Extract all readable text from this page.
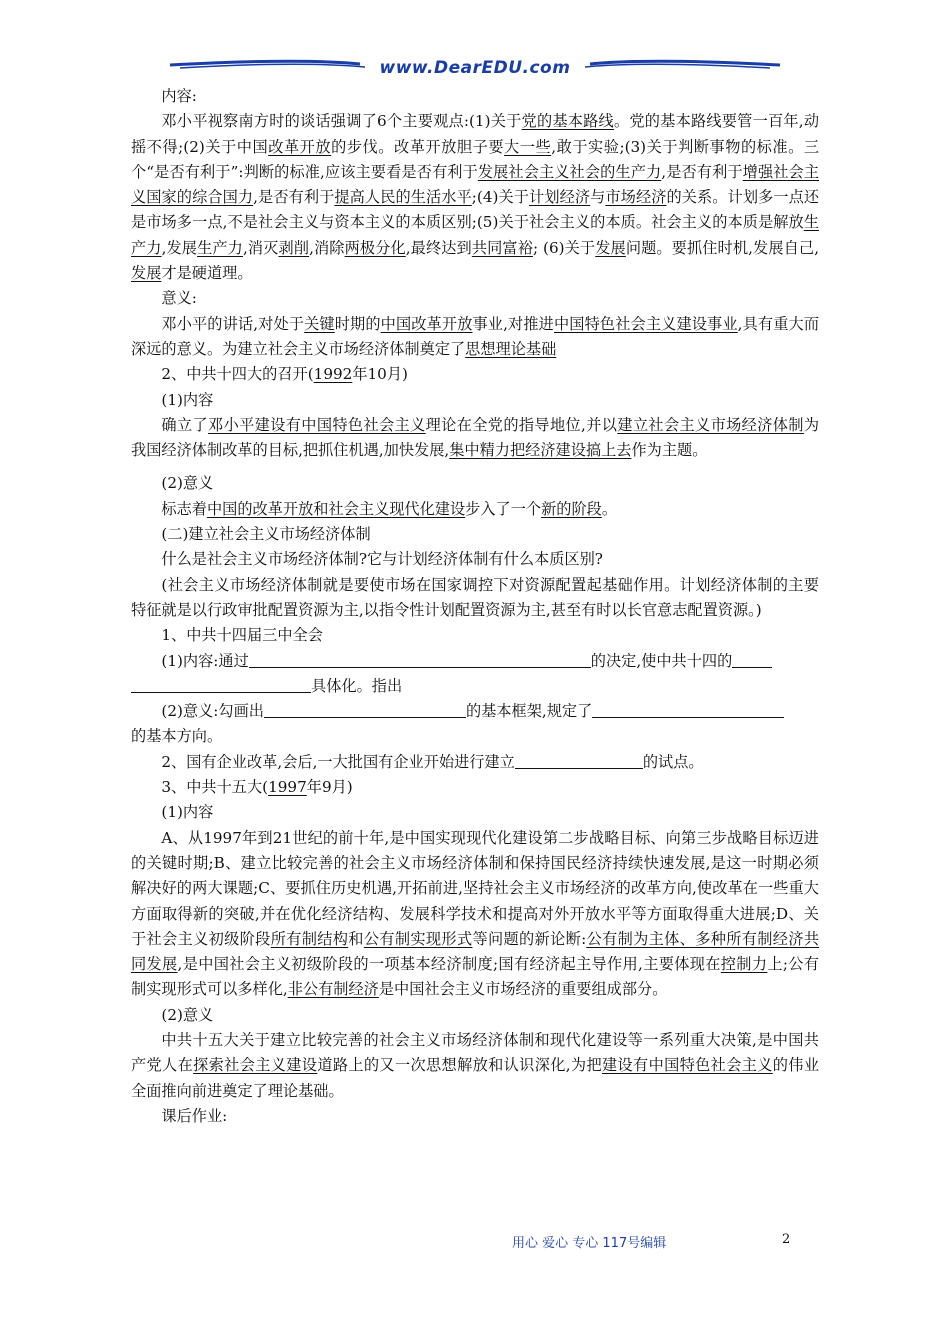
www.DearEDU.com

内容:

邓小平视察南方时的谈话强调了6个主要观点:(1)关于党的基本路线。党的基本路线要管一百年,动摇不得;(2)关于中国改革开放的步伐。改革开放胆子要大一些,敢于实验;(3)关于判断事物的标准。三个“是否有利于”:判断的标准,应该主要看是否有利于发展社会主义社会的生产力,是否有利于增强社会主义国家的综合国力,是否有利于提高人民的生活水平;(4)关于计划经济与市场经济的关系。计划多一点还是市场多一点,不是社会主义与资本主义的本质区别;(5)关于社会主义的本质。社会主义的本质是解放生产力,发展生产力,消灭剥削,消除两极分化,最终达到共同富裕; (6)关于发展问题。要抓住时机,发展自己,发展才是硬道理。

意义:

邓小平的讲话,对处于关键时期的中国改革开放事业,对推进中国特色社会主义建设事业,具有重大而深远的意义。为建立社会主义市场经济体制奠定了思想理论基础

2、中共十四大的召开(1992年10月)

(1)内容

确立了邓小平建设有中国特色社会主义理论在全党的指导地位,并以建立社会主义市场经济体制为我国经济体制改革的目标,把抓住机遇,加快发展,集中精力把经济建设搞上去作为主题。

(2)意义

标志着中国的改革开放和社会主义现代化建设步入了一个新的阶段。

(二)建立社会主义市场经济体制

什么是社会主义市场经济体制?它与计划经济体制有什么本质区别?

(社会主义市场经济体制就是要使市场在国家调控下对资源配置起基础作用。计划经济体制的主要特征就是以行政审批配置资源为主,以指令性计划配置资源为主,甚至有时以长官意志配置资源。)

1、中共十四届三中全会

(1)内容:通过	的决定,使中共十四的
具体化。指出

(2)意义:勾画出	的基本框架,规定了
的基本方向。

2、国有企业改革,会后,一大批国有企业开始进行建立	的试点。

3、中共十五大(1997年9月)

(1)内容

A、从1997年到21世纪的前十年,是中国实现现代化建设第二步战略目标、向第三步战略目标迈进的关键时期;B、建立比较完善的社会主义市场经济体制和保持国民经济持续快速发展,是这一时期必须解决好的两大课题;C、要抓住历史机遇,开拓前进,坚持社会主义市场经济的改革方向,使改革在一些重大方面取得新的突破,并在优化经济结构、发展科学技术和提高对外开放水平等方面取得重大进展;D、关于社会主义初级阶段所有制结构和公有制实现形式等问题的新论断:公有制为主体、多种所有制经济共同发展,是中国社会主义初级阶段的一项基本经济制度;国有经济起主导作用,主要体现在控制力上;公有制实现形式可以多样化,非公有制经济是中国社会主义市场经济的重要组成部分。

(2)意义

中共十五大关于建立比较完善的社会主义市场经济体制和现代化建设等一系列重大决策,是中国共产党人在探索社会主义建设道路上的又一次思想解放和认识深化,为把建设有中国特色社会主义的伟业全面推向前进奠定了理论基础。

课后作业:

用心 爱心 专心 117号编辑	2
